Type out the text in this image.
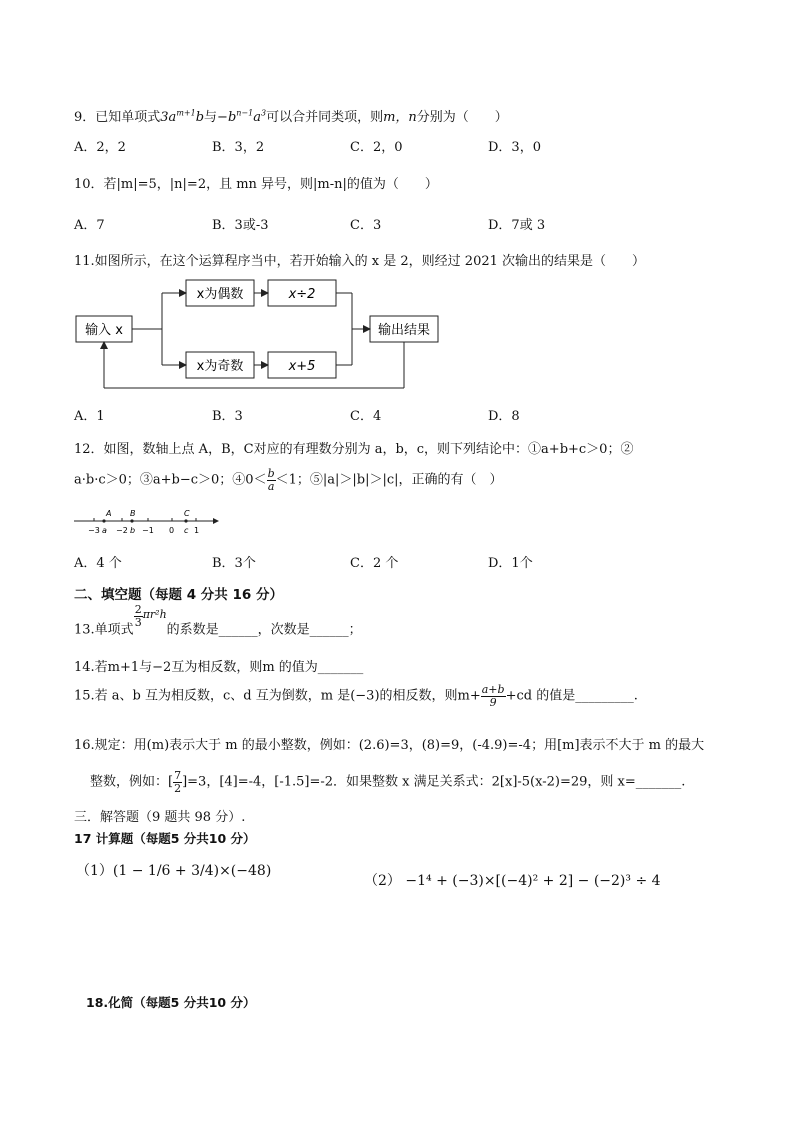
9．已知单项式$3a^{m+1}b$与$-b^{n-1}a^3$可以合并同类项，则m，n分别为（　　）
A．2，2	B．3，2	C．2，0	D．3，0
10．若|m|=5，|n|=2，且 mn 异号，则|m-n|的值为（　　）
A．7	B．3或-3	C．3	D．7或 3
11.如图所示，在这个运算程序当中，若开始输入的 x 是 2，则经过 2021 次输出的结果是（　　）
输入 x
x为偶数	x÷2
x为奇数	x+5
输出结果
A．1	B．3	C．4	D．8
12．如图，数轴上点 A，B，C对应的有理数分别为 a，b，c，则下列结论中：①a+b+c＞0；②
a·b·c＞0；③a+b−c＞0；④0＜ $\frac{b}{a} <1$；⑤|a|＞|b|＞|c|，正确的有（　）
A B	C
−3 a −2 b −1 0 c 1
A．4 个	B．3个	C．2 个	D．1个
二、填空题（每题 4 分共 16 分）
13.单项式
$\frac{2}{3} ^{\pi r^2h}$的系数是______，次数是______；
14.若m+1与−2互为相反数，则m 的值为_______
15.若 a、b 互为相反数，c、d 互为倒数，m 是(−3)的相反数，则$m+ \frac{a+b}{9} +cd$ 的值是_________.
16.规定：用(m)表示大于 m 的最小整数，例如：(2.6)=3，(8)=9，(-4.9)=-4；用[m]表示不大于 m 的最大
整数，例如：[ $\frac{7}{2} ]=3$，[4]=-4，[-1.5]=-2．如果整数 x 满足关系式：2[x]-5(x-2)=29，则 x=_______.
三．解答题（9 题共 98 分）.
17 计算题（每题5 分共10 分）
（1）(1 − 1/6 + 3/4)×(−48)
（2） −1⁴ + (−3)×[(−4)² + 2] − (−2)³ ÷ 4
18.化简（每题5 分共10 分）
